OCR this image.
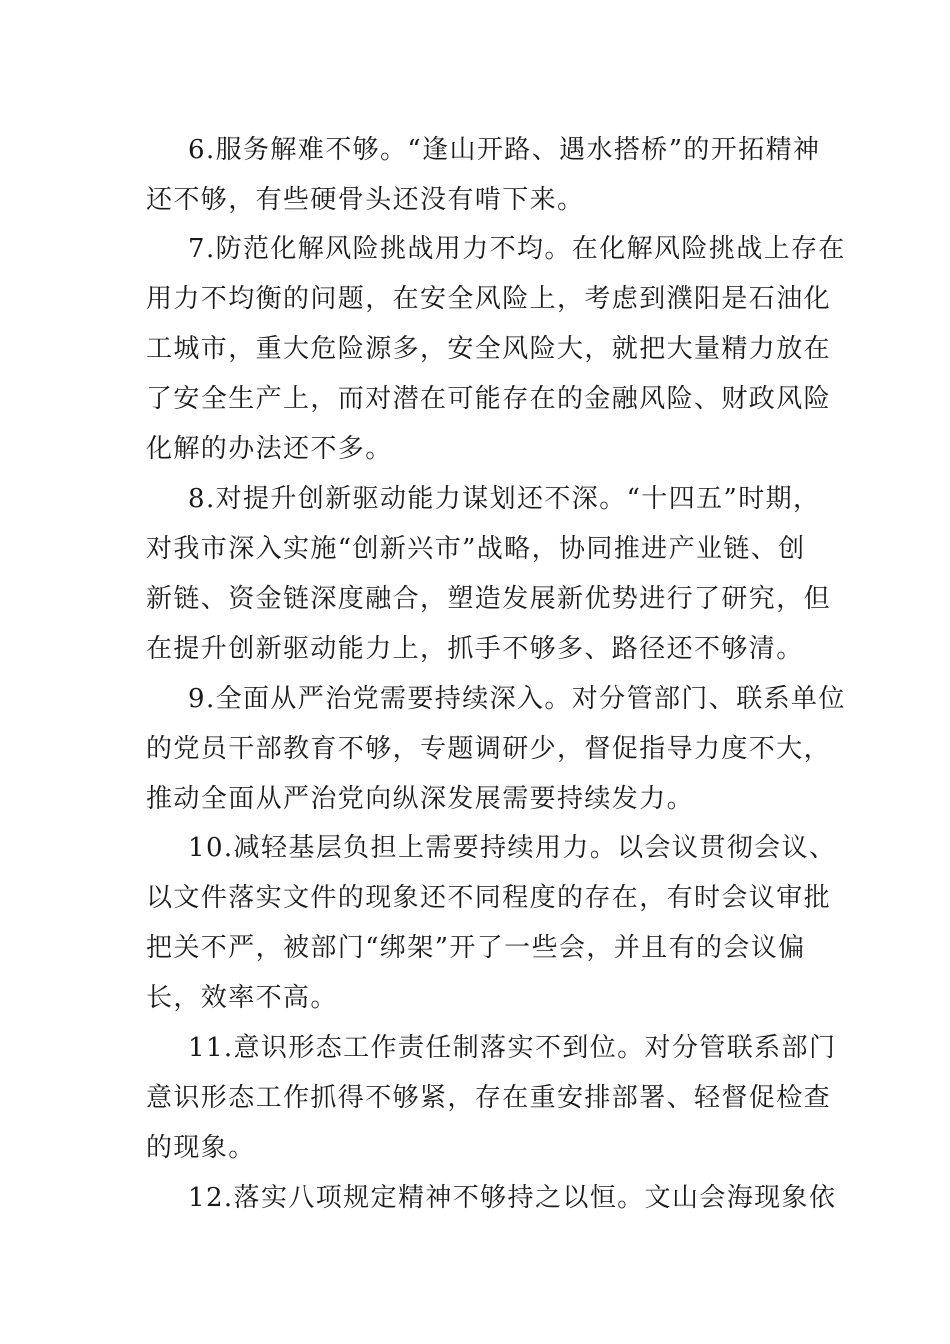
6.服务解难不够。“逢山开路、遇水搭桥”的开拓精神
还不够，有些硬骨头还没有啃下来。
7.防范化解风险挑战用力不均。在化解风险挑战上存在
用力不均衡的问题，在安全风险上，考虑到濮阳是石油化
工城市，重大危险源多，安全风险大，就把大量精力放在
了安全生产上，而对潜在可能存在的金融风险、财政风险
化解的办法还不多。
8.对提升创新驱动能力谋划还不深。“十四五”时期，
对我市深入实施“创新兴市”战略，协同推进产业链、创
新链、资金链深度融合，塑造发展新优势进行了研究，但
在提升创新驱动能力上，抓手不够多、路径还不够清。
9.全面从严治党需要持续深入。对分管部门、联系单位
的党员干部教育不够，专题调研少，督促指导力度不大，
推动全面从严治党向纵深发展需要持续发力。
10.减轻基层负担上需要持续用力。以会议贯彻会议、
以文件落实文件的现象还不同程度的存在，有时会议审批
把关不严，被部门“绑架”开了一些会，并且有的会议偏
长，效率不高。
11.意识形态工作责任制落实不到位。对分管联系部门
意识形态工作抓得不够紧，存在重安排部署、轻督促检查
的现象。
12.落实八项规定精神不够持之以恒。文山会海现象依
